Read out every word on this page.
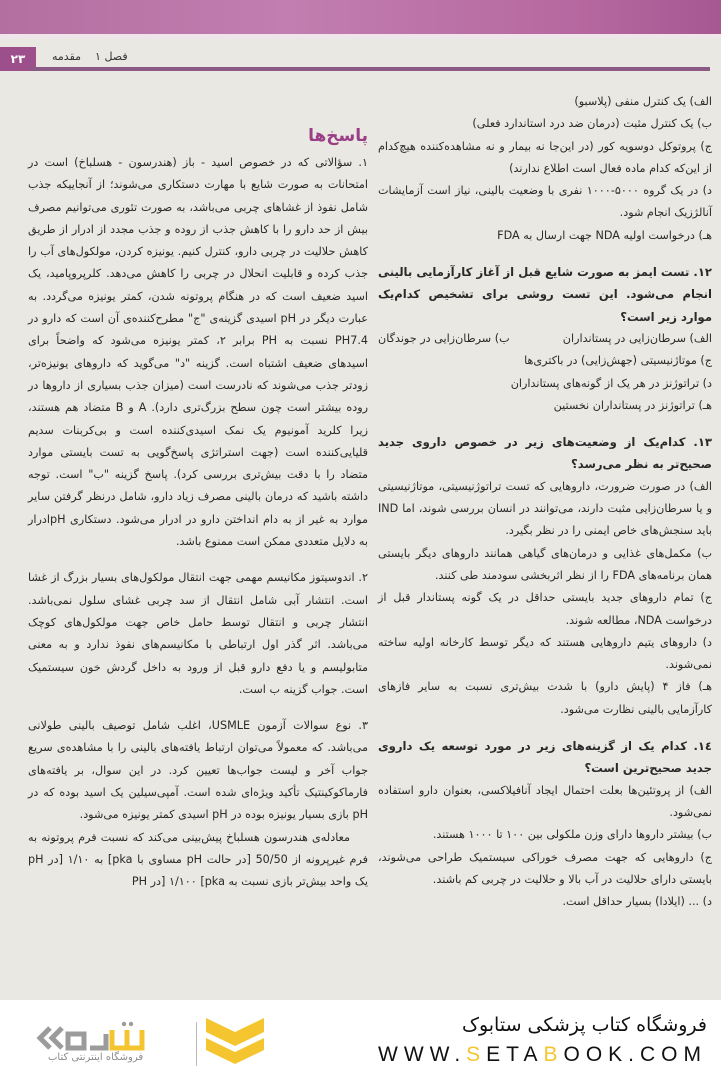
۲۳	فصل ۱
مقدمه
پاسخ‌ها

۱. سؤالاتی که در خصوص اسید - باز (هندرسون - هسلباخ) است در امتحانات به صورت شایع با مهارت دستکاری می‌شوند؛ از آنجاییکه جذب شامل نفوذ از غشاهای چربی می‌باشد، به صورت تئوری می‌توانیم مصرف بیش از حد دارو را با کاهش جذب از روده و جذب مجدد از ادرار از طریق کاهش حلالیت در چربی دارو، کنترل کنیم. یونیزه کردن، مولکول‌های آب را جذب کرده و قابلیت انحلال در چربی را کاهش می‌دهد. کلرپروپامید، یک اسید ضعیف است که در هنگام پروتونه شدن، کمتر یونیزه می‌گردد. به عبارت دیگر در pH اسیدی گزینه‌ی "ج" مطرح‌کننده‌ی آن است که دارو در PH7.4 نسبت به PH برابر ۲، کمتر یونیزه می‌شود که واضحاً برای اسیدهای ضعیف اشتباه است. گزینه "د" می‌گوید که داروهای یونیزه‌تر، زودتر جذب می‌شوند که نادرست است (میزان جذب بسیاری از داروها در روده بیشتر است چون سطح بزرگ‌تری دارد). A و B متضاد هم هستند، زیرا کلرید آمونیوم یک نمک اسیدی‌کننده است و بی‌کربنات سدیم قلیایی‌کننده است (جهت استراتژی پاسخ‌گویی به تست بایستی موارد متضاد را با دقت بیش‌تری بررسی کرد). پاسخ گزینه "ب" است. توجه داشته باشید که درمان بالینی مصرف زیاد دارو، شامل درنظر گرفتن سایر موارد به غیر از به دام انداختن دارو در ادرار می‌شود. دستکاری pHادرار به دلایل متعددی ممکن است ممنوع باشد.

۲. اندوسیتوز مکانیسم مهمی جهت انتقال مولکول‌های بسیار بزرگ از غشا است. انتشار آبی شامل انتقال از سد چربی غشای سلول نمی‌باشد. انتشار چربی و انتقال توسط حامل خاص جهت مولکول‌های کوچک می‌باشد. اثر گذر اول ارتباطی با مکانیسم‌های نفوذ ندارد و به معنی متابولیسم و یا دفع دارو قبل از ورود به داخل گردش خون سیستمیک است. جواب گزینه ب است.

۳. نوع سوالات آزمون USMLE، اغلب شامل توصیف بالینی طولانی می‌باشد. که معمولاً می‌توان ارتباط یافته‌های بالینی را با مشاهده‌ی سریع جواب آخر و لیست جواب‌ها تعیین کرد. در این سوال، بر یافته‌های فارماکوکینتیک تأکید ویژه‌ای شده است. آمپی‌سیلین یک اسید بوده که در pH بازی بسیار یونیزه بوده در pH اسیدی کمتر یونیزه می‌شود.

معادله‌ی هندرسون هسلباخ پیش‌بینی می‌کند که نسبت فرم پروتونه به فرم غیرپرونه از 50/50 [در حالت pH مساوی با pka] به ۱/۱۰ [در pH یک واحد بیش‌تر بازی نسبت به pka] ۱/۱۰۰ [در PH

الف) یک کنترل منفی (پلاسبو)
ب) یک کنترل مثبت (درمان ضد درد استاندارد فعلی)
ج) پروتوکل دوسویه کور (در این‌جا نه بیمار و نه مشاهده‌کننده هیچ‌کدام از این‌که کدام ماده فعال است اطلاع ندارند)
د) در یک گروه ۵۰۰۰-۱۰۰۰ نفری با وضعیت بالینی، نیاز است آزمایشات آنالژزیک انجام شود.
هـ) درخواست اولیه NDA جهت ارسال به FDA
۱۲. تست ایمز به صورت شایع قبل از آغاز کارآزمایی بالینی انجام می‌شود. این تست روشی برای تشخیص کدام‌یک موارد زیر است؟
الف) سرطان‌زایی در پستانداران
ب) سرطان‌زایی در جوندگان
ج) موتاژنیسیتی (جهش‌زایی) در باکتری‌ها
د) تراتوژنز در هر یک از گونه‌های پستانداران
هـ) تراتوژنز در پستانداران نخستین
۱۳. کدام‌یک از وضعیت‌های زیر در خصوص داروی جدید صحیح‌تر به نظر می‌رسد؟
الف) در صورت ضرورت، داروهایی که تست تراتوژنیسیتی، موتاژنیسیتی و یا سرطان‌زایی مثبت دارند، می‌توانند در انسان بررسی شوند، اما IND باید سنجش‌های خاص ایمنی را در نظر بگیرد.
ب) مکمل‌های غذایی و درمان‌های گیاهی همانند داروهای دیگر بایستی همان برنامه‌های FDA را از نظر اثربخشی سودمند طی کنند.
ج) تمام داروهای جدید بایستی حداقل در یک گونه پستاندار قبل از درخواست NDA، مطالعه شوند.
د) داروهای یتیم داروهایی هستند که دیگر توسط کارخانه اولیه ساخته نمی‌شوند.
هـ) فاز ۴ (پایش دارو) با شدت بیش‌تری نسبت به سایر فازهای کارآزمایی بالینی نظارت می‌شود.
۱٤. کدام یک از گزینه‌های زیر در مورد توسعه یک داروی جدید صحیح‌ترین است؟
الف) از پروتئین‌ها بعلت احتمال ایجاد آنافیلاکسی، بعنوان دارو استفاده نمی‌شود.
ب) بیشتر داروها دارای وزن ملکولی بین ۱۰۰ تا ۱۰۰۰ هستند.
ج) داروهایی که جهت مصرف خوراکی سیستمیک طراحی می‌شوند، بایستی دارای حلالیت در آب بالا و حلالیت در چربی کم باشند.
د) ... (ایلادا) بسیار حداقل است.
فروشگاه اینترنتی کتاب
فروشگاه کتاب پزشکی ستابوک
WWW.SETABOOK.COM
